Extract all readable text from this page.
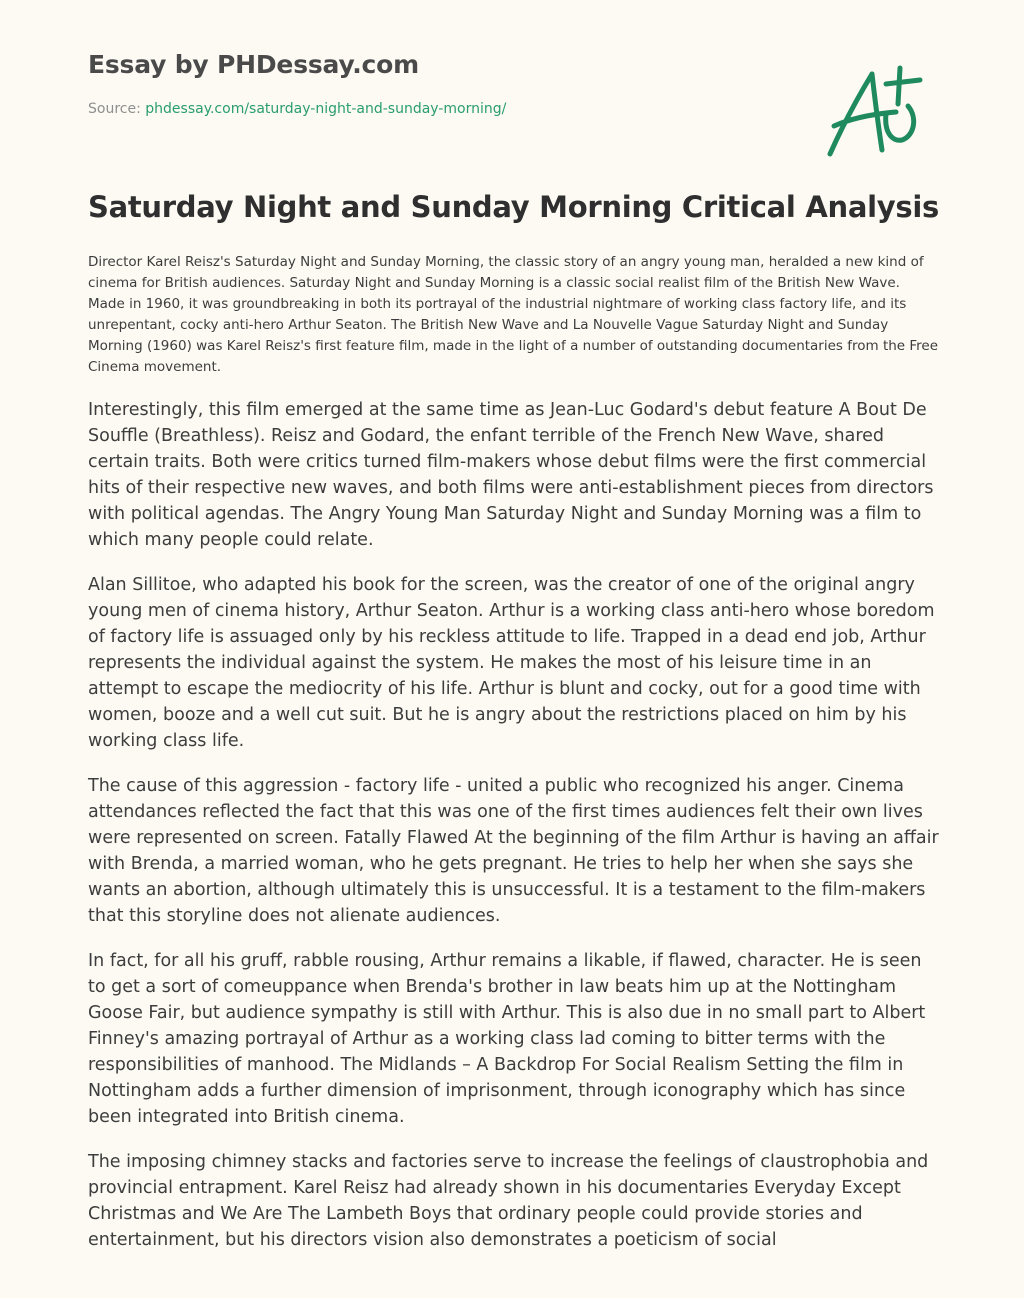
Essay by PHDessay.com
Source: phdessay.com/saturday-night-and-sunday-morning/
Saturday Night and Sunday Morning Critical Analysis

Director Karel Reisz's Saturday Night and Sunday Morning, the classic story of an angry young man, heralded a new kind of cinema for British audiences. Saturday Night and Sunday Morning is a classic social realist film of the British New Wave. Made in 1960, it was groundbreaking in both its portrayal of the industrial nightmare of working class factory life, and its unrepentant, cocky anti-hero Arthur Seaton. The British New Wave and La Nouvelle Vague Saturday Night and Sunday Morning (1960) was Karel Reisz's first feature film, made in the light of a number of outstanding documentaries from the Free Cinema movement.

Interestingly, this film emerged at the same time as Jean-Luc Godard's debut feature A Bout De Souffle (Breathless). Reisz and Godard, the enfant terrible of the French New Wave, shared certain traits. Both were critics turned film-makers whose debut films were the first commercial hits of their respective new waves, and both films were anti-establishment pieces from directors with political agendas. The Angry Young Man Saturday Night and Sunday Morning was a film to which many people could relate.

Alan Sillitoe, who adapted his book for the screen, was the creator of one of the original angry young men of cinema history, Arthur Seaton. Arthur is a working class anti-hero whose boredom of factory life is assuaged only by his reckless attitude to life. Trapped in a dead end job, Arthur represents the individual against the system. He makes the most of his leisure time in an attempt to escape the mediocrity of his life. Arthur is blunt and cocky, out for a good time with women, booze and a well cut suit. But he is angry about the restrictions placed on him by his working class life.

The cause of this aggression - factory life - united a public who recognized his anger. Cinema attendances reflected the fact that this was one of the first times audiences felt their own lives were represented on screen. Fatally Flawed At the beginning of the film Arthur is having an affair with Brenda, a married woman, who he gets pregnant. He tries to help her when she says she wants an abortion, although ultimately this is unsuccessful. It is a testament to the film-makers that this storyline does not alienate audiences.

In fact, for all his gruff, rabble rousing, Arthur remains a likable, if flawed, character. He is seen to get a sort of comeuppance when Brenda's brother in law beats him up at the Nottingham Goose Fair, but audience sympathy is still with Arthur. This is also due in no small part to Albert Finney's amazing portrayal of Arthur as a working class lad coming to bitter terms with the responsibilities of manhood. The Midlands – A Backdrop For Social Realism Setting the film in Nottingham adds a further dimension of imprisonment, through iconography which has since been integrated into British cinema.

The imposing chimney stacks and factories serve to increase the feelings of claustrophobia and provincial entrapment. Karel Reisz had already shown in his documentaries Everyday Except Christmas and We Are The Lambeth Boys that ordinary people could provide stories and entertainment, but his directors vision also demonstrates a poeticism of social
